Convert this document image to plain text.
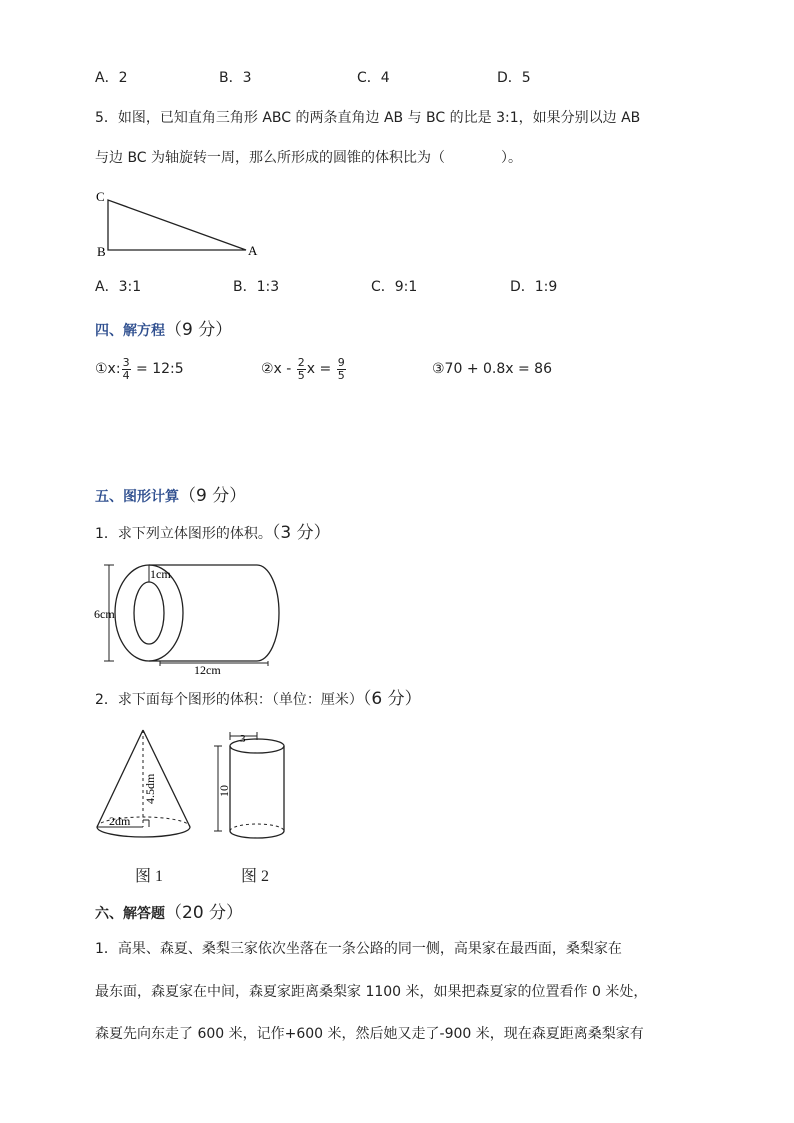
A．2	B．3	C．4	D．5
5．如图，已知直角三角形 ABC 的两条直角边 AB 与 BC 的比是 3:1，如果分别以边 AB
与边 BC 为轴旋转一周，那么所形成的圆锥的体积比为（　　　　）。
C
B	A
A．3:1	B．1:3	C．9:1	D．1:9
四、解方程（9 分）
①x: $\frac{3}{4}$ = 12:5	②x - $\frac{2}{5}$ $x = \frac{9}{5}$	③70 + 0.8x = 86
五、图形计算（9 分）
1．求下列立体图形的体积。（3 分）
1cm
6cm
12cm
2．求下面每个图形的体积：（单位：厘米）（6 分）
4.5dm
2dm
图 1
3
10
图 2
六、解答题（20 分）
1．高果、森夏、桑梨三家依次坐落在一条公路的同一侧，高果家在最西面，桑梨家在
最东面，森夏家在中间，森夏家距离桑梨家 1100 米，如果把森夏家的位置看作 0 米处，
森夏先向东走了 600 米，记作+600 米，然后她又走了-900 米，现在森夏距离桑梨家有
